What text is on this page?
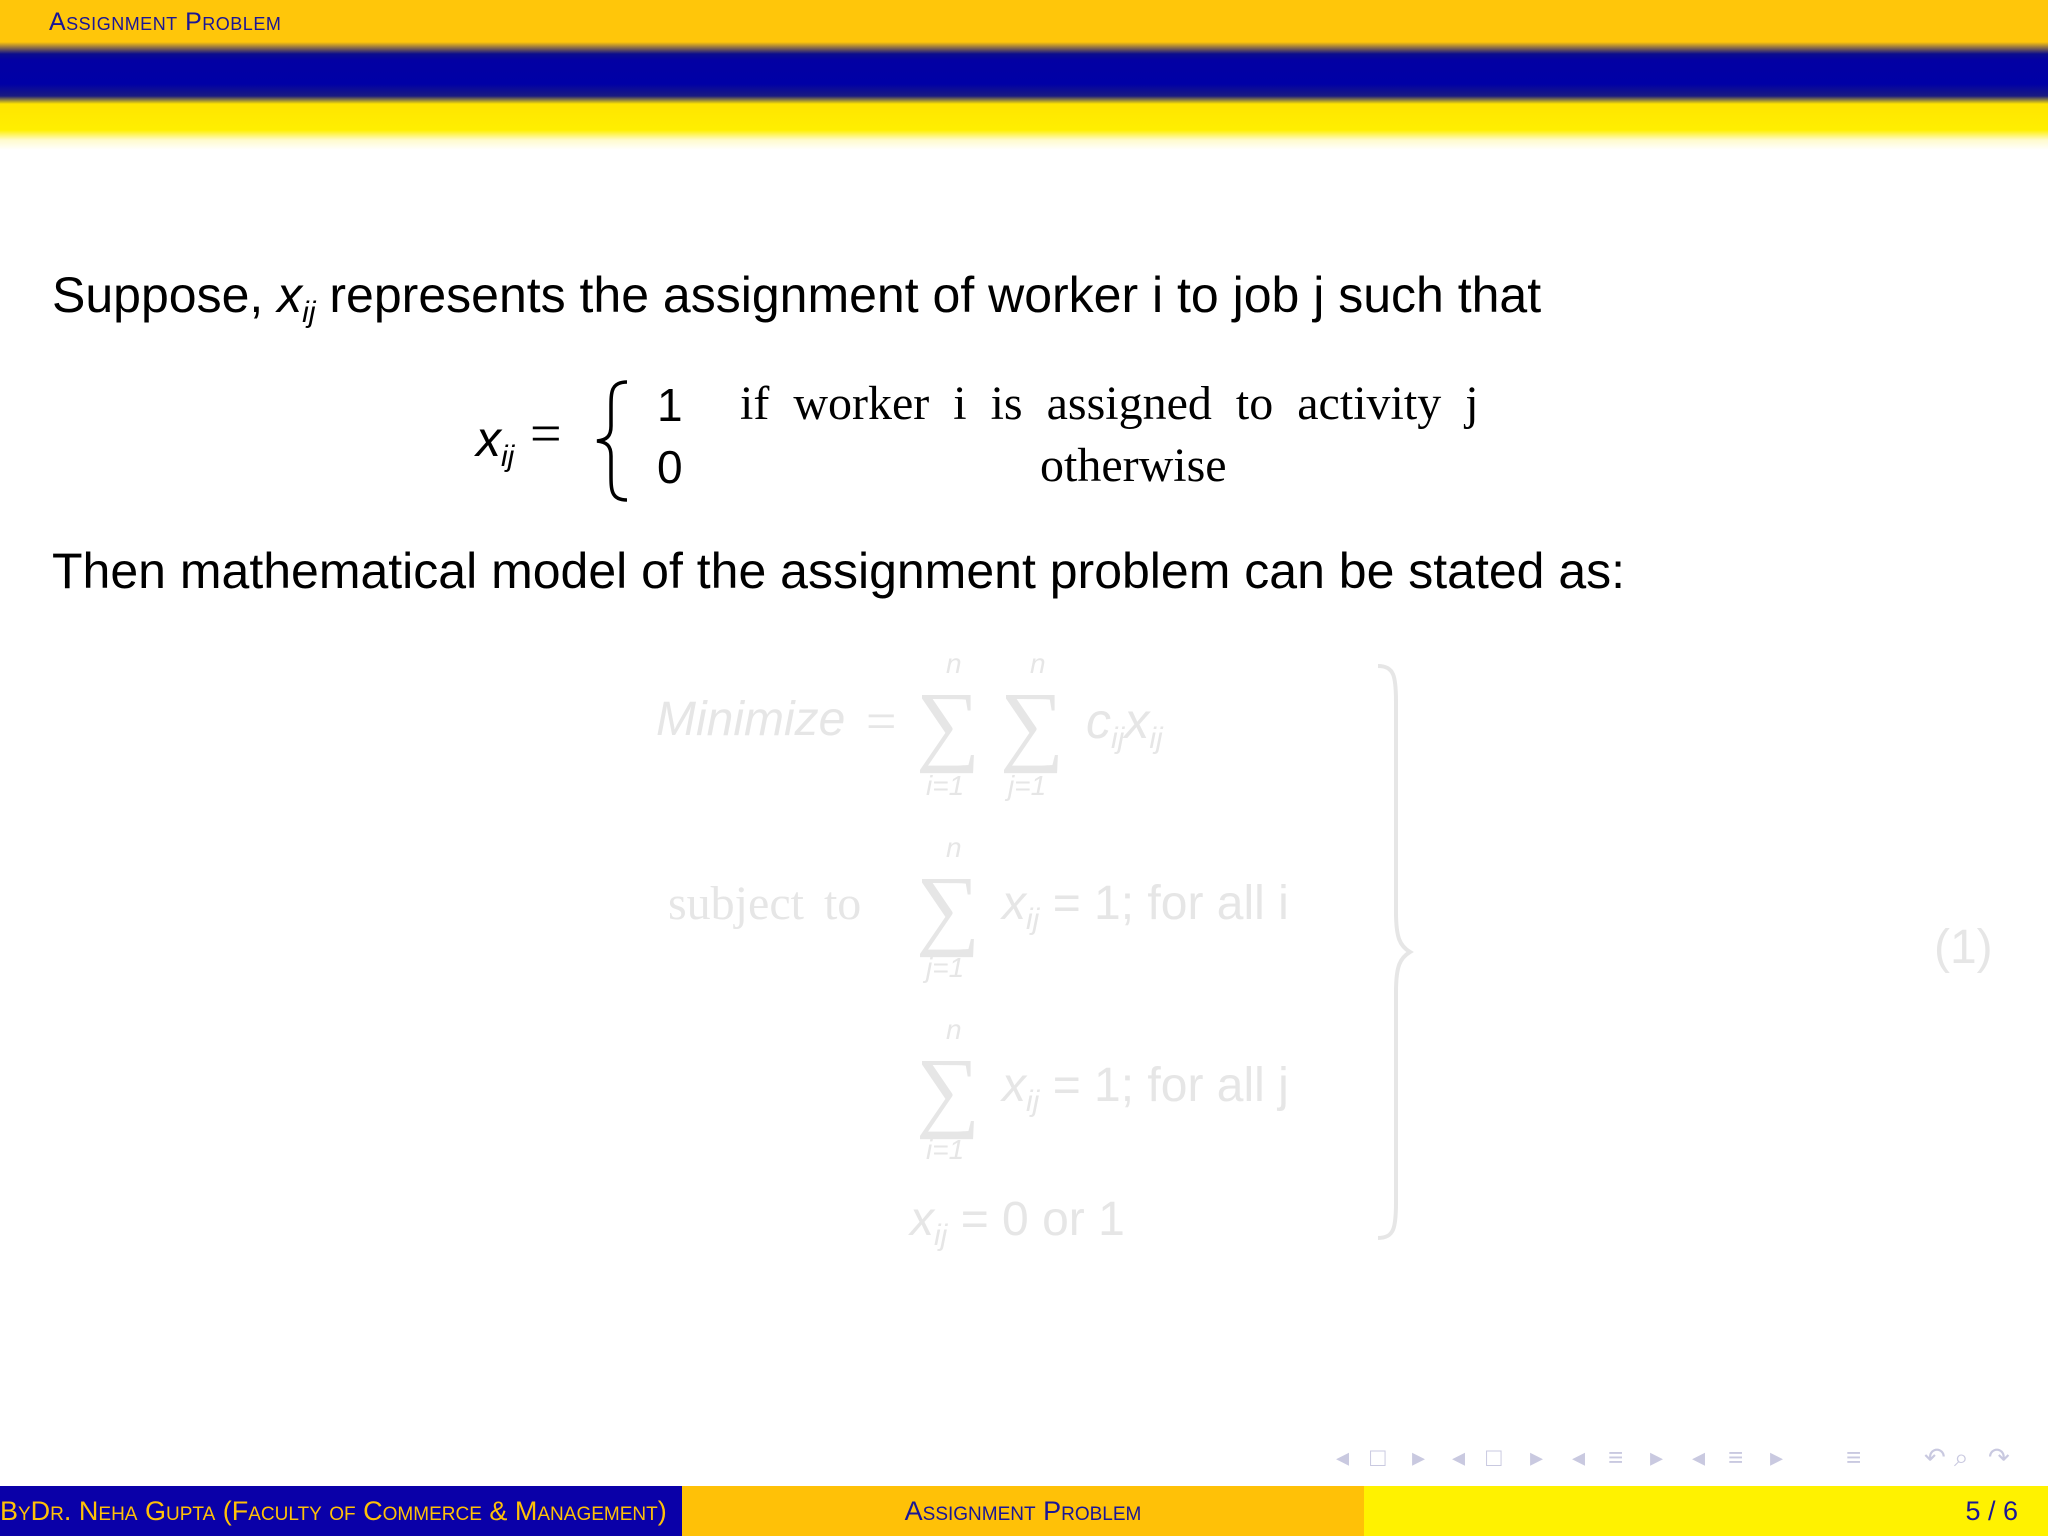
Assignment Problem
Suppose, $x_{ij}$ represents the assignment of worker i to job j such that
$x_{ij} = 1$ if worker i is assigned to activity j
0	otherwise
Then mathematical model of the assignment problem can be stated as:
Minimize =
n
∑
i=1
n
∑
j=1
$c_{ij}x_{ij}$
subject to
n
∑
j=1
$x_{ij} = 1$; for all i
n
∑
i=1
$x_{ij} = 1$; for all j
$x_{ij} = 0$ or 1
(1)
◂ □ ▸ ◂ □ ▸ ◂ ≡ ▸ ◂ ≡ ▸ ≡ ↶ ⌕ ↷
ByDr. Neha Gupta (Faculty of Commerce & Management)	Assignment Problem	5 / 6
